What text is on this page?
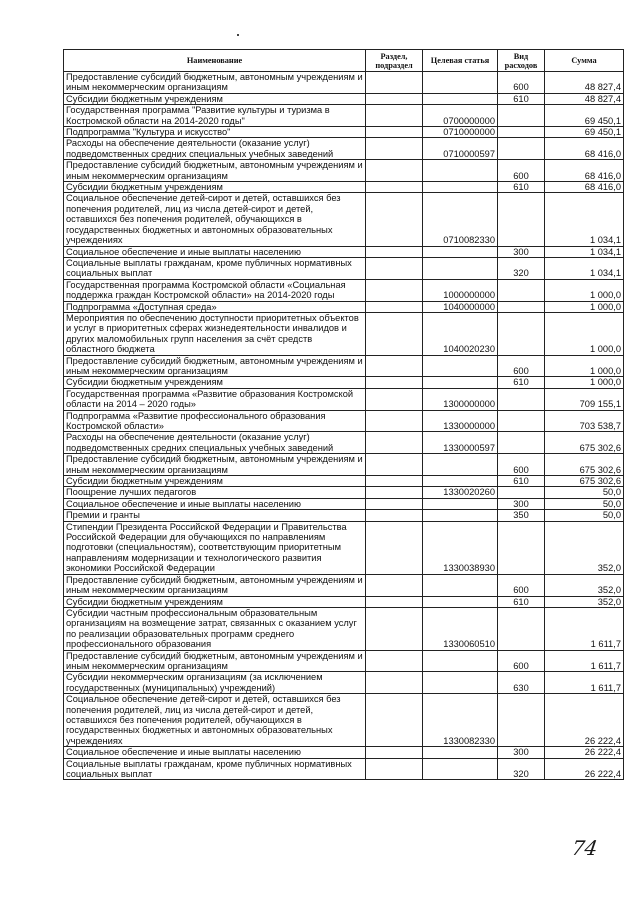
Наименование	Раздел, подраздел	Целевая статья	Вид расходов	Сумма
Предоставление субсидий бюджетным, автономным учреждениям и иным некоммерческим организациям			600	48 827,4
Субсидии бюджетным учреждениям			610	48 827,4
Государственная программа "Развитие культуры и туризма в Костромской области на 2014-2020 годы"		0700000000		69 450,1
Подпрограмма "Культура и искусство"		0710000000		69 450,1
Расходы на обеспечение деятельности (оказание услуг) подведомственных средних специальных учебных заведений		0710000597		68 416,0
Предоставление субсидий бюджетным, автономным учреждениям и иным некоммерческим организациям			600	68 416,0
Субсидии бюджетным учреждениям			610	68 416,0
Социальное обеспечение детей-сирот и детей, оставшихся без попечения родителей, лиц из числа детей-сирот и детей, оставшихся без попечения родителей, обучающихся в государственных бюджетных и автономных образовательных учреждениях		0710082330		1 034,1
Социальное обеспечение и иные выплаты населению			300	1 034,1
Социальные выплаты гражданам, кроме публичных нормативных социальных выплат			320	1 034,1
Государственная программа Костромской области «Социальная поддержка граждан Костромской области» на 2014-2020 годы		1000000000		1 000,0
Подпрограмма «Доступная среда»		1040000000		1 000,0
Мероприятия по обеспечению доступности приоритетных объектов и услуг в приоритетных сферах жизнедеятельности инвалидов и других маломобильных групп населения за счёт средств областного бюджета		1040020230		1 000,0
Предоставление субсидий бюджетным, автономным учреждениям и иным некоммерческим организациям			600	1 000,0
Субсидии бюджетным учреждениям			610	1 000,0
Государственная программа «Развитие образования Костромской области на 2014 – 2020 годы»		1300000000		709 155,1
Подпрограмма «Развитие профессионального образования Костромской области»		1330000000		703 538,7
Расходы на обеспечение деятельности (оказание услуг) подведомственных средних специальных учебных заведений		1330000597		675 302,6
Предоставление субсидий бюджетным, автономным учреждениям и иным некоммерческим организациям			600	675 302,6
Субсидии бюджетным учреждениям			610	675 302,6
Поощрение лучших педагогов		1330020260		50,0
Социальное обеспечение и иные выплаты населению			300	50,0
Премии и гранты			350	50,0
Стипендии Президента Российской Федерации и Правительства Российской Федерации для обучающихся по направлениям подготовки (специальностям), соответствующим приоритетным направлениям модернизации и технологического развития экономики Российской Федерации		1330038930		352,0
Предоставление субсидий бюджетным, автономным учреждениям и иным некоммерческим организациям			600	352,0
Субсидии бюджетным учреждениям			610	352,0
Субсидии частным профессиональным образовательным организациям на возмещение затрат, связанных с оказанием услуг по реализации образовательных программ среднего профессионального образования		1330060510		1 611,7
Предоставление субсидий бюджетным, автономным учреждениям и иным некоммерческим организациям			600	1 611,7
Субсидии некоммерческим организациям (за исключением государственных (муниципальных) учреждений)			630	1 611,7
Социальное обеспечение детей-сирот и детей, оставшихся без попечения родителей, лиц из числа детей-сирот и детей, оставшихся без попечения родителей, обучающихся в государственных бюджетных и автономных образовательных учреждениях		1330082330		26 222,4
Социальное обеспечение и иные выплаты населению			300	26 222,4
Социальные выплаты гражданам, кроме публичных нормативных социальных выплат			320	26 222,4
74
